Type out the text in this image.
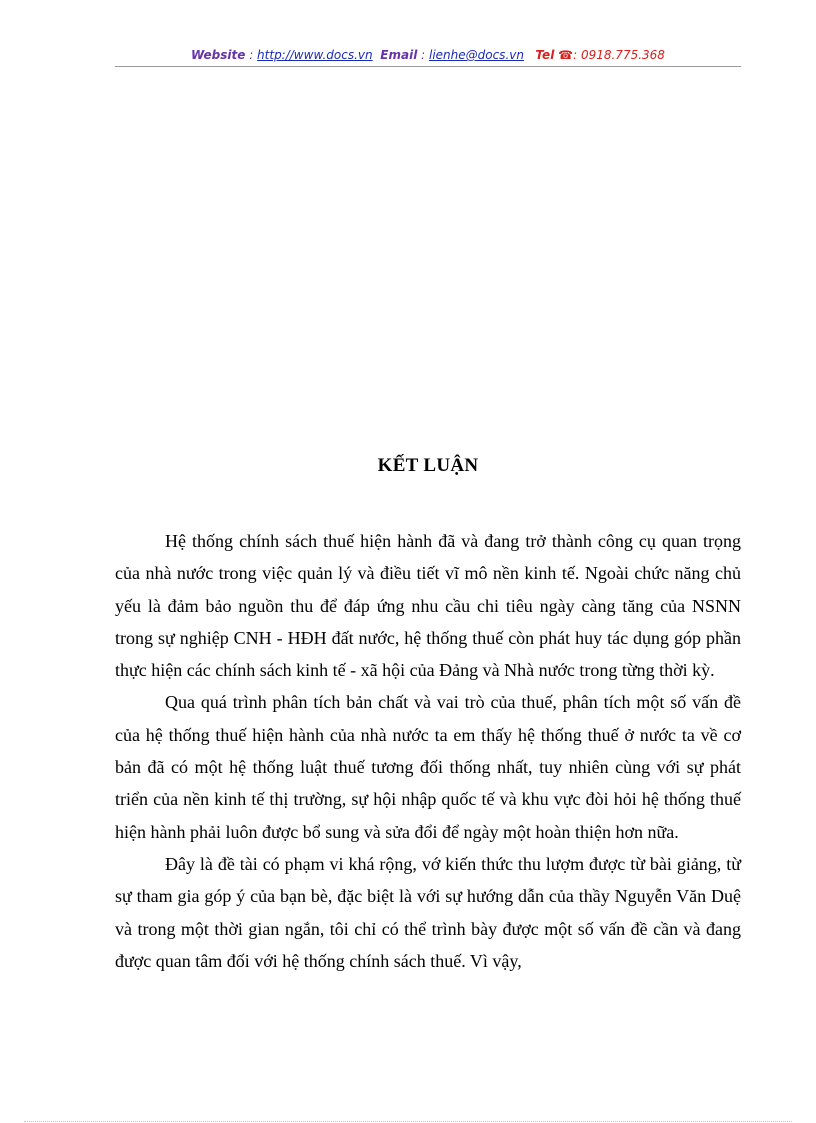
Website : http://www.docs.vn Email : lienhe@docs.vn Tel ☎: 0918.775.368
KẾT LUẬN

Hệ thống chính sách thuế hiện hành đã và đang trở thành công cụ quan trọng của nhà nước trong việc quản lý và điều tiết vĩ mô nền kinh tế. Ngoài chức năng chủ yếu là đảm bảo nguồn thu để đáp ứng nhu cầu chi tiêu ngày càng tăng của NSNN trong sự nghiệp CNH - HĐH đất nước, hệ thống thuế còn phát huy tác dụng góp phần thực hiện các chính sách kinh tế - xã hội của Đảng và Nhà nước trong từng thời kỳ.

Qua quá trình phân tích bản chất và vai trò của thuế, phân tích một số vấn đề của hệ thống thuế hiện hành của nhà nước ta em thấy hệ thống thuế ở nước ta về cơ bản đã có một hệ thống luật thuế tương đối thống nhất, tuy nhiên cùng với sự phát triển của nền kinh tế thị trường, sự hội nhập quốc tế và khu vực đòi hỏi hệ thống thuế hiện hành phải luôn được bổ sung và sửa đổi để ngày một hoàn thiện hơn nữa.

Đây là đề tài có phạm vi khá rộng, vớ kiến thức thu lượm được từ bài giảng, từ sự tham gia góp ý của bạn bè, đặc biệt là với sự hướng dẫn của thầy Nguyễn Văn Duệ và trong một thời gian ngắn, tôi chỉ có thể trình bày được một số vấn đề cần và đang được quan tâm đối với hệ thống chính sách thuế. Vì vậy,
